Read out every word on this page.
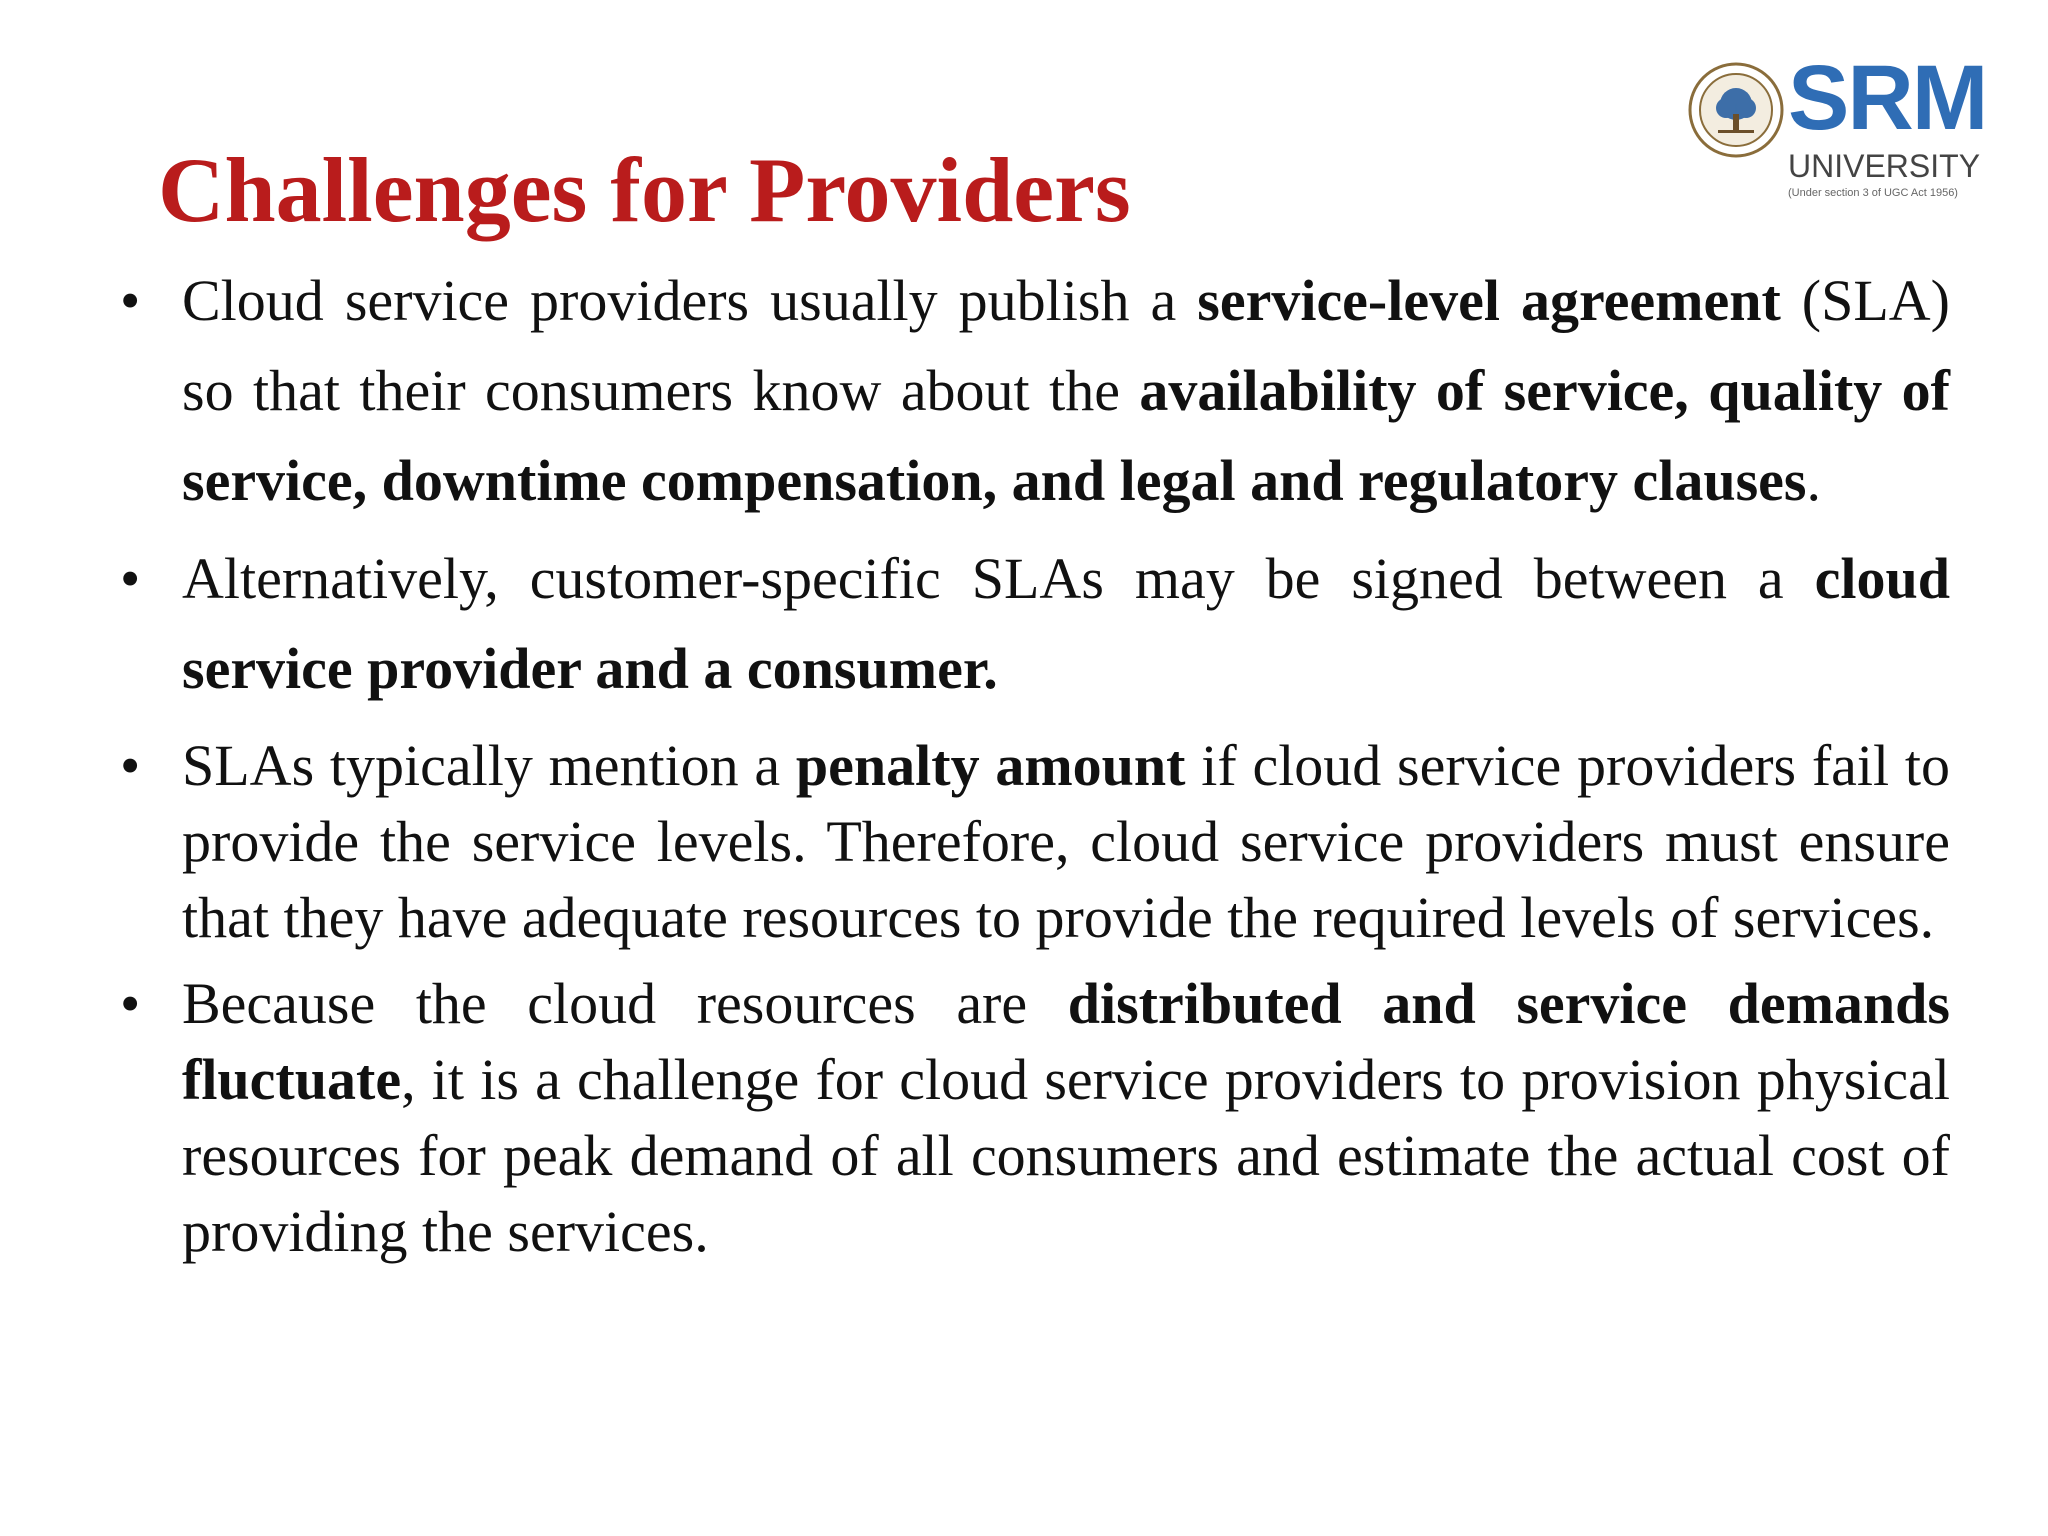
SRM
UNIVERSITY
(Under section 3 of UGC Act 1956)
Challenges for Providers
• Cloud service providers usually publish a service-level agreement (SLA) so that their consumers know about the availability of service, quality of service, downtime compensation, and legal and regulatory clauses.
• Alternatively, customer-specific SLAs may be signed between a cloud service provider and a consumer.
• SLAs typically mention a penalty amount if cloud service providers fail to provide the service levels. Therefore, cloud service providers must ensure that they have adequate resources to provide the required levels of services.
• Because the cloud resources are distributed and service demands fluctuate, it is a challenge for cloud service providers to provision physical resources for peak demand of all consumers and estimate the actual cost of providing the services.
